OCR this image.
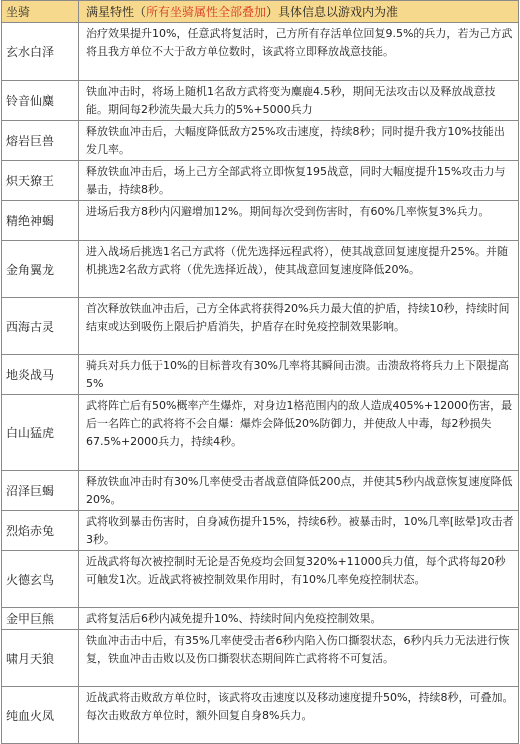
坐骑	满星特性（ 所有坐骑属性全部叠加 ）具体信息以游戏内为准
玄水白泽
治疗效果提升10%，任意武将复活时，己方所有存活单位回复9.5%的兵力，若为己方武将且我方单位不大于敌方单位数时，该武将立即释放战意技能。
铃音仙麋
铁血冲击时，将场上随机1名敌方武将变为麋鹿4.5秒，期间无法攻击以及释放战意技能。期间每2秒流失最大兵力的5%+5000兵力
熔岩巨兽
释放铁血冲击后，大幅度降低敌方25%攻击速度，持续8秒；同时提升我方10%技能出发几率。
炽天獠王
释放铁血冲击后，场上己方全部武将立即恢复195战意，同时大幅度提升15%攻击力与暴击，持续8秒。
精绝神蝎
进场后我方8秒内闪避增加12%。期间每次受到伤害时，有60%几率恢复3%兵力。
金角翼龙
进入战场后挑选1名己方武将（优先选择远程武将），使其战意回复速度提升25%。并随机挑选2名敌方武将（优先选择近战），使其战意回复速度降低20%。
西海古灵
首次释放铁血冲击后，己方全体武将获得20%兵力最大值的护盾，持续10秒，持续时间结束或达到吸伤上限后护盾消失，护盾存在时免疫控制效果影响。
地炎战马
骑兵对兵力低于10%的目标普攻有30%几率将其瞬间击溃。击溃敌将将兵力上下限提高5%
白山猛虎
武将阵亡后有50%概率产生爆炸，对身边1格范围内的敌人造成405%+12000伤害，最后一名阵亡的武将将不会自爆：爆炸会降低20%防御力，并使敌人中毒，每2秒损失67.5%+2000兵力，持续4秒。
沼泽巨蝎
释放铁血冲击时有30%几率使受击者战意值降低200点，并使其5秒内战意恢复速度降低20%。
烈焰赤兔
武将收到暴击伤害时，自身减伤提升15%，持续6秒。被暴击时，10%几率[眩晕]攻击者3秒。
火德玄鸟
近战武将每次被控制时无论是否免疫均会回复320%+11000兵力值，每个武将每20秒可触发1次。近战武将被控制效果作用时，有10%几率免疫控制状态。
金甲巨熊	武将复活后6秒内减免提升10%、持续时间内免疫控制效果。
啸月天狼
铁血冲击击中后，有35%几率使受击者6秒内陷入伤口撕裂状态，6秒内兵力无法进行恢复，铁血冲击击败以及伤口撕裂状态期间阵亡武将将不可复活。
纯血火凤
近战武将击败敌方单位时，该武将攻击速度以及移动速度提升50%，持续8秒，可叠加。每次击败敌方单位时，额外回复自身8%兵力。
